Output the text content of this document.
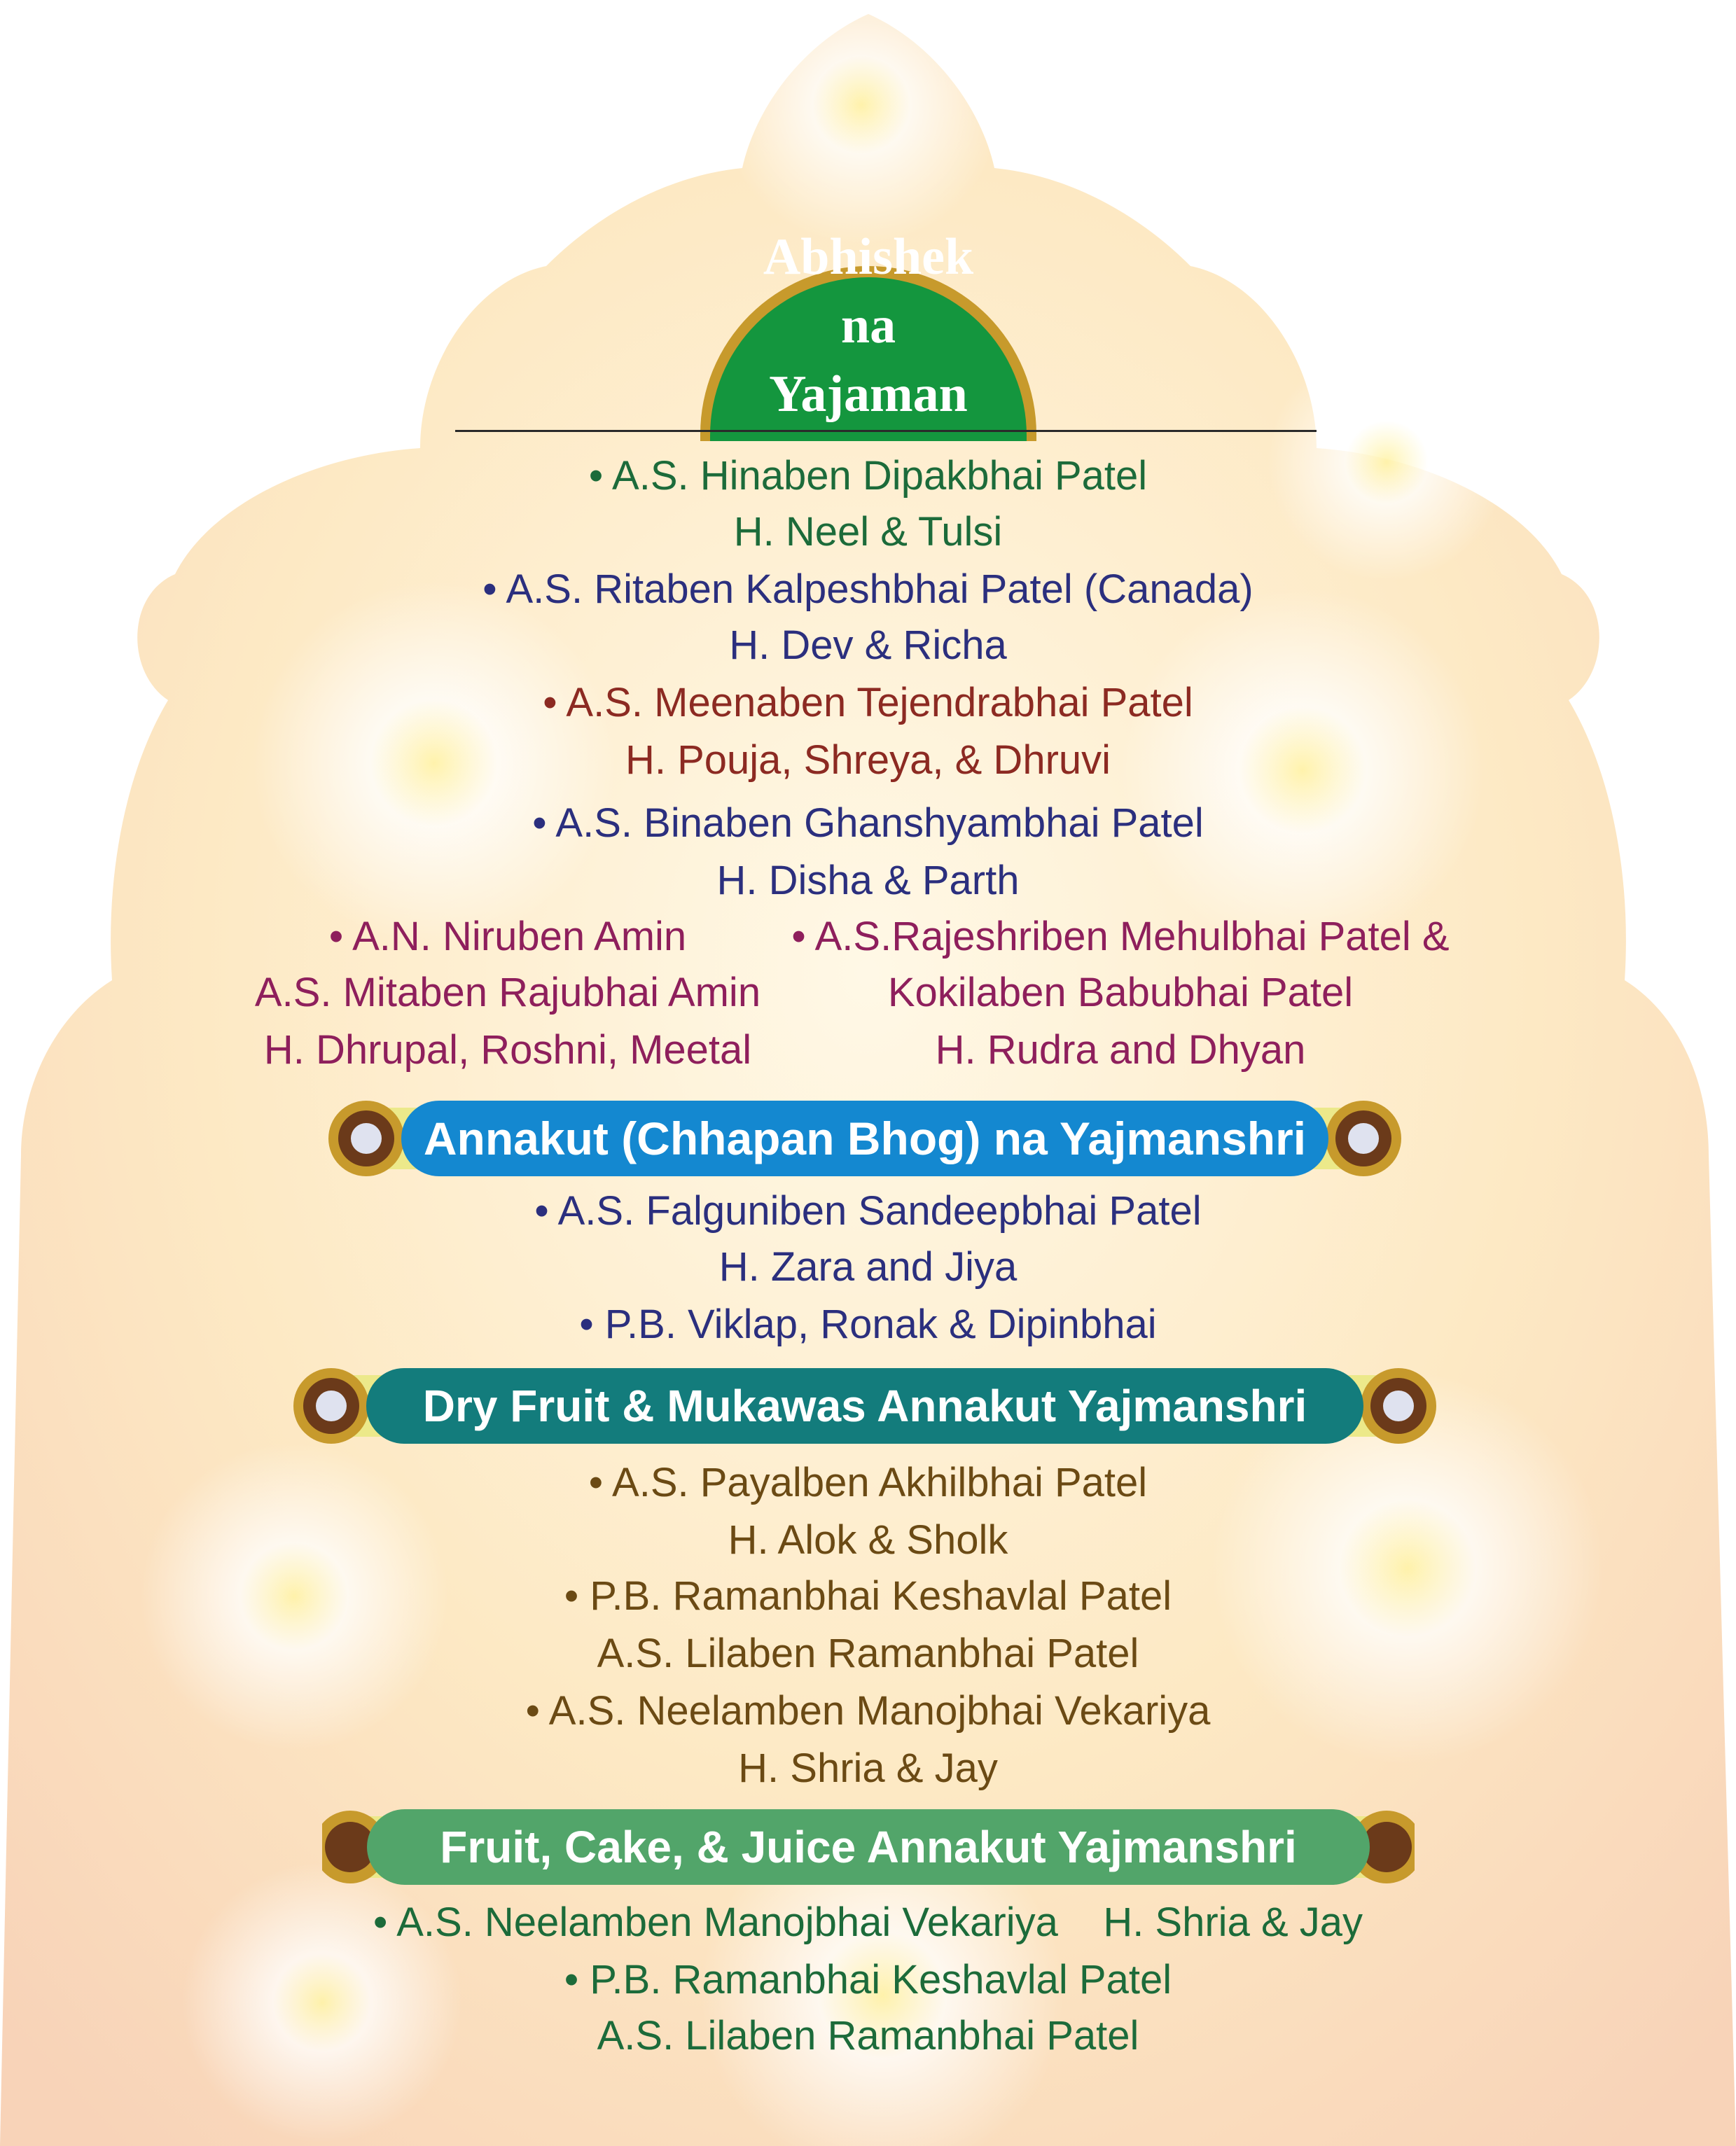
Abhishek
na
Yajaman
• A.S. Hinaben Dipakbhai Patel
H. Neel & Tulsi
• A.S. Ritaben Kalpeshbhai Patel (Canada)
H. Dev & Richa
• A.S. Meenaben Tejendrabhai Patel
H. Pouja, Shreya, & Dhruvi
• A.S. Binaben Ghanshyambhai Patel
H. Disha & Parth
• A.N. Niruben Amin
A.S. Mitaben Rajubhai Amin
H. Dhrupal, Roshni, Meetal
• A.S.Rajeshriben Mehulbhai Patel &
Kokilaben Babubhai Patel
H. Rudra and Dhyan
Annakut (Chhapan Bhog) na Yajmanshri
• A.S. Falguniben Sandeepbhai Patel
H. Zara and Jiya
• P.B. Viklap, Ronak & Dipinbhai
Dry Fruit & Mukawas Annakut Yajmanshri
• A.S. Payalben Akhilbhai Patel
H. Alok & Sholk
• P.B. Ramanbhai Keshavlal Patel
A.S. Lilaben Ramanbhai Patel
• A.S. Neelamben Manojbhai Vekariya
H. Shria & Jay
Fruit, Cake, & Juice Annakut Yajmanshri
• A.S. Neelamben Manojbhai Vekariya    H. Shria & Jay
• P.B. Ramanbhai Keshavlal Patel
A.S. Lilaben Ramanbhai Patel
